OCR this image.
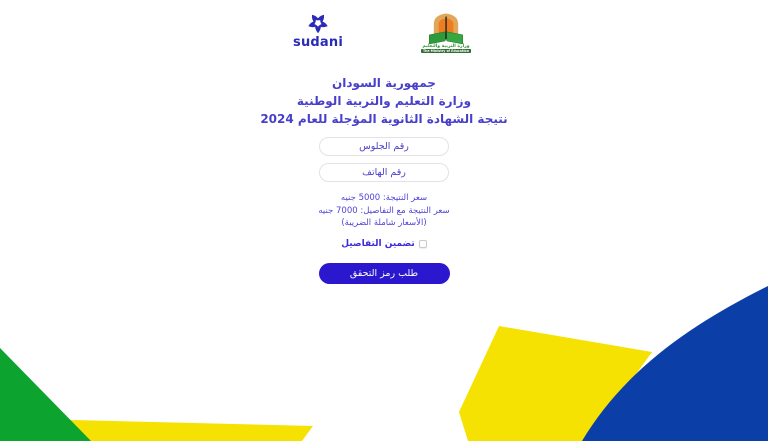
sudani	وزارة التربية والتعليم
The Ministry of Education
جمهورية السودان
وزارة التعليم والتربية الوطنية
نتيجة الشهادة الثانوية المؤجلة للعام 2024
رقم الجلوس
رقم الهاتف
سعر النتيجة: 5000 جنيه
سعر النتيجة مع التفاصيل: 7000 جنيه
(الأسعار شاملة الضريبة)
تضمين التفاصيل
طلب رمز التحقق
